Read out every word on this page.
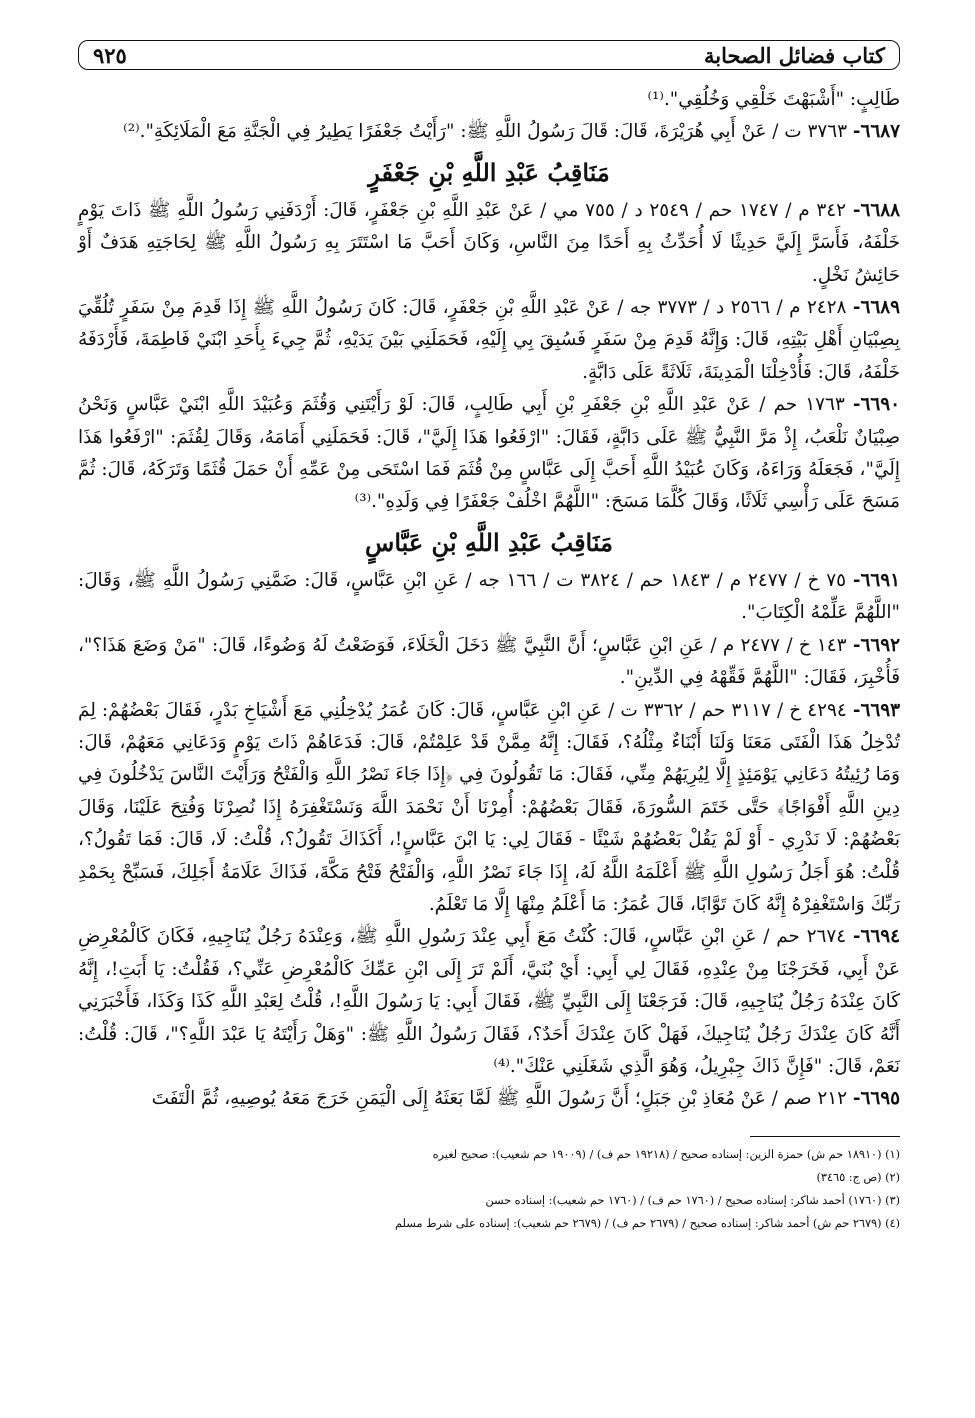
كتاب فضائل الصحابة
٩٢٥

طَالِبٍ: "أَشْبَهْتَ خَلْقِي وَخُلُقِي".⁽¹⁾

٦٦٨٧- ٣٧٦٣ ت / عَنْ أَبِي هُرَيْرَةَ، قَالَ: قَالَ رَسُولُ اللَّهِ ﷺ: "رَأَيْتُ جَعْفَرًا يَطِيرُ فِي الْجَنَّةِ مَعَ الْمَلَائِكَةِ".⁽²⁾

مَنَاقِبُ عَبْدِ اللَّهِ بْنِ جَعْفَرٍ

٦٦٨٨- ٣٤٢ م / ١٧٤٧ حم / ٢٥٤٩ د / ٧٥٥ مي / عَنْ عَبْدِ اللَّهِ بْنِ جَعْفَرٍ، قَالَ: أَرْدَفَنِي رَسُولُ اللَّهِ ﷺ ذَاتَ يَوْمٍ خَلْفَهُ، فَأَسَرَّ إِلَيَّ حَدِيثًا لَا أُحَدِّثُ بِهِ أَحَدًا مِنَ النَّاسِ، وَكَانَ أَحَبَّ مَا اسْتَتَرَ بِهِ رَسُولُ اللَّهِ ﷺ لِحَاجَتِهِ هَدَفٌ أَوْ حَائِشُ نَخْلٍ.

٦٦٨٩- ٢٤٢٨ م / ٢٥٦٦ د / ٣٧٧٣ جه / عَنْ عَبْدِ اللَّهِ بْنِ جَعْفَرٍ، قَالَ: كَانَ رَسُولُ اللَّهِ ﷺ إِذَا قَدِمَ مِنْ سَفَرٍ تُلُقِّيَ بِصِبْيَانِ أَهْلِ بَيْتِهِ، قَالَ: وَإِنَّهُ قَدِمَ مِنْ سَفَرٍ فَسُبِقَ بِي إِلَيْهِ، فَحَمَلَنِي بَيْنَ يَدَيْهِ، ثُمَّ جِيءَ بِأَحَدِ ابْنَيْ فَاطِمَةَ، فَأَرْدَفَهُ خَلْفَهُ، قَالَ: فَأُدْخِلْنَا الْمَدِينَةَ، ثَلَاثَةً عَلَى دَابَّةٍ.

٦٦٩٠- ١٧٦٣ حم / عَنْ عَبْدِ اللَّهِ بْنِ جَعْفَرِ بْنِ أَبِي طَالِبٍ، قَالَ: لَوْ رَأَيْتَنِي وَقُثَمَ وَعُبَيْدَ اللَّهِ ابْنَيْ عَبَّاسٍ وَنَحْنُ صِبْيَانٌ نَلْعَبُ، إِذْ مَرَّ النَّبِيُّ ﷺ عَلَى دَابَّةٍ، فَقَالَ: "ارْفَعُوا هَذَا إِلَيَّ"، قَالَ: فَحَمَلَنِي أَمَامَهُ، وَقَالَ لِقُثَمَ: "ارْفَعُوا هَذَا إِلَيَّ"، فَجَعَلَهُ وَرَاءَهُ، وَكَانَ عُبَيْدُ اللَّهِ أَحَبَّ إِلَى عَبَّاسٍ مِنْ قُثَمَ فَمَا اسْتَحَى مِنْ عَمِّهِ أَنْ حَمَلَ قُثَمًا وَتَرَكَهُ، قَالَ: ثُمَّ مَسَحَ عَلَى رَأْسِي ثَلَاثًا، وَقَالَ كُلَّمَا مَسَحَ: "اللَّهُمَّ اخْلُفْ جَعْفَرًا فِي وَلَدِهِ".⁽³⁾

مَنَاقِبُ عَبْدِ اللَّهِ بْنِ عَبَّاسٍ

٦٦٩١- ٧٥ خ / ٢٤٧٧ م / ١٨٤٣ حم / ٣٨٢٤ ت / ١٦٦ جه / عَنِ ابْنِ عَبَّاسٍ، قَالَ: ضَمَّنِي رَسُولُ اللَّهِ ﷺ، وَقَالَ: "اللَّهُمَّ عَلِّمْهُ الْكِتَابَ".

٦٦٩٢- ١٤٣ خ / ٢٤٧٧ م / عَنِ ابْنِ عَبَّاسٍ؛ أَنَّ النَّبِيَّ ﷺ دَخَلَ الْخَلَاءَ، فَوَضَعْتُ لَهُ وَضُوءًا، قَالَ: "مَنْ وَضَعَ هَذَا؟"، فَأُخْبِرَ، فَقَالَ: "اللَّهُمَّ فَقِّهْهُ فِي الدِّينِ".

٦٦٩٣- ٤٢٩٤ خ / ٣١١٧ حم / ٣٣٦٢ ت / عَنِ ابْنِ عَبَّاسٍ، قَالَ: كَانَ عُمَرُ يُدْخِلُنِي مَعَ أَشْيَاخِ بَدْرٍ، فَقَالَ بَعْضُهُمْ: لِمَ تُدْخِلُ هَذَا الْفَتَى مَعَنَا وَلَنَا أَبْنَاءٌ مِثْلُهُ؟، فَقَالَ: إِنَّهُ مِمَّنْ قَدْ عَلِمْتُمْ، قَالَ: فَدَعَاهُمْ ذَاتَ يَوْمٍ وَدَعَانِي مَعَهُمْ، قَالَ: وَمَا رُئِيتُهُ دَعَانِي يَوْمَئِذٍ إِلَّا لِيُرِيَهُمْ مِنِّي، فَقَالَ: مَا تَقُولُونَ فِي ﴿إِذَا جَاءَ نَصْرُ اللَّهِ وَالْفَتْحُ وَرَأَيْتَ النَّاسَ يَدْخُلُونَ فِي دِينِ اللَّهِ أَفْوَاجًا﴾ حَتَّى خَتَمَ السُّورَةَ، فَقَالَ بَعْضُهُمْ: أُمِرْنَا أَنْ نَحْمَدَ اللَّهَ وَنَسْتَغْفِرَهُ إِذَا نُصِرْنَا وَفُتِحَ عَلَيْنَا، وَقَالَ بَعْضُهُمْ: لَا نَدْرِي - أَوْ لَمْ يَقُلْ بَعْضُهُمْ شَيْئًا - فَقَالَ لِي: يَا ابْنَ عَبَّاسٍ!، أَكَذَاكَ تَقُولُ؟، قُلْتُ: لَا، قَالَ: فَمَا تَقُولُ؟، قُلْتُ: هُوَ أَجَلُ رَسُولِ اللَّهِ ﷺ أَعْلَمَهُ اللَّهُ لَهُ، إِذَا جَاءَ نَصْرُ اللَّهِ، وَالْفَتْحُ فَتْحُ مَكَّةَ، فَذَاكَ عَلَامَةُ أَجَلِكَ، فَسَبِّحْ بِحَمْدِ رَبِّكَ وَاسْتَغْفِرْهُ إِنَّهُ كَانَ تَوَّابًا، قَالَ عُمَرُ: مَا أَعْلَمُ مِنْهَا إِلَّا مَا تَعْلَمُ.

٦٦٩٤- ٢٦٧٤ حم / عَنِ ابْنِ عَبَّاسٍ، قَالَ: كُنْتُ مَعَ أَبِي عِنْدَ رَسُولِ اللَّهِ ﷺ، وَعِنْدَهُ رَجُلٌ يُنَاجِيهِ، فَكَانَ كَالْمُعْرِضِ عَنْ أَبِي، فَخَرَجْنَا مِنْ عِنْدِهِ، فَقَالَ لِي أَبِي: أَيْ بُنَيَّ، أَلَمْ تَرَ إِلَى ابْنِ عَمِّكَ كَالْمُعْرِضِ عَنِّي؟، فَقُلْتُ: يَا أَبَتِ!، إِنَّهُ كَانَ عِنْدَهُ رَجُلٌ يُنَاجِيهِ، قَالَ: فَرَجَعْنَا إِلَى النَّبِيِّ ﷺ، فَقَالَ أَبِي: يَا رَسُولَ اللَّهِ!، قُلْتُ لِعَبْدِ اللَّهِ كَذَا وَكَذَا، فَأَخْبَرَنِي أَنَّهُ كَانَ عِنْدَكَ رَجُلٌ يُنَاجِيكَ، فَهَلْ كَانَ عِنْدَكَ أَحَدٌ؟، فَقَالَ رَسُولُ اللَّهِ ﷺ: "وَهَلْ رَأَيْتَهُ يَا عَبْدَ اللَّهِ؟"، قَالَ: قُلْتُ: نَعَمْ، قَالَ: "فَإِنَّ ذَاكَ جِبْرِيلُ، وَهُوَ الَّذِي شَغَلَنِي عَنْكَ".⁽⁴⁾

٦٦٩٥- ٢١٢ صم / عَنْ مُعَاذِ بْنِ جَبَلٍ؛ أَنَّ رَسُولَ اللَّهِ ﷺ لَمَّا بَعَثَهُ إِلَى الْيَمَنِ خَرَجَ مَعَهُ يُوصِيهِ، ثُمَّ الْتَفَتَ

(١) (١٨٩١٠ حم ش) حمزة الزين: إسناده صحيح / (١٩٢١٨ حم ف) / (١٩٠٠٩ حم شعيب): صحيح لغيره

(٢) (ص ج: ٣٤٦٥)

(٣) (١٧٦٠) أحمد شاكر: إسناده صحيح / (١٧٦٠ حم ف) / (١٧٦٠ حم شعيب): إسناده حسن

(٤) (٢٦٧٩ حم ش) أحمد شاكر: إسناده صحيح / (٢٦٧٩ حم ف) / (٢٦٧٩ حم شعيب): إسناده على شرط مسلم
